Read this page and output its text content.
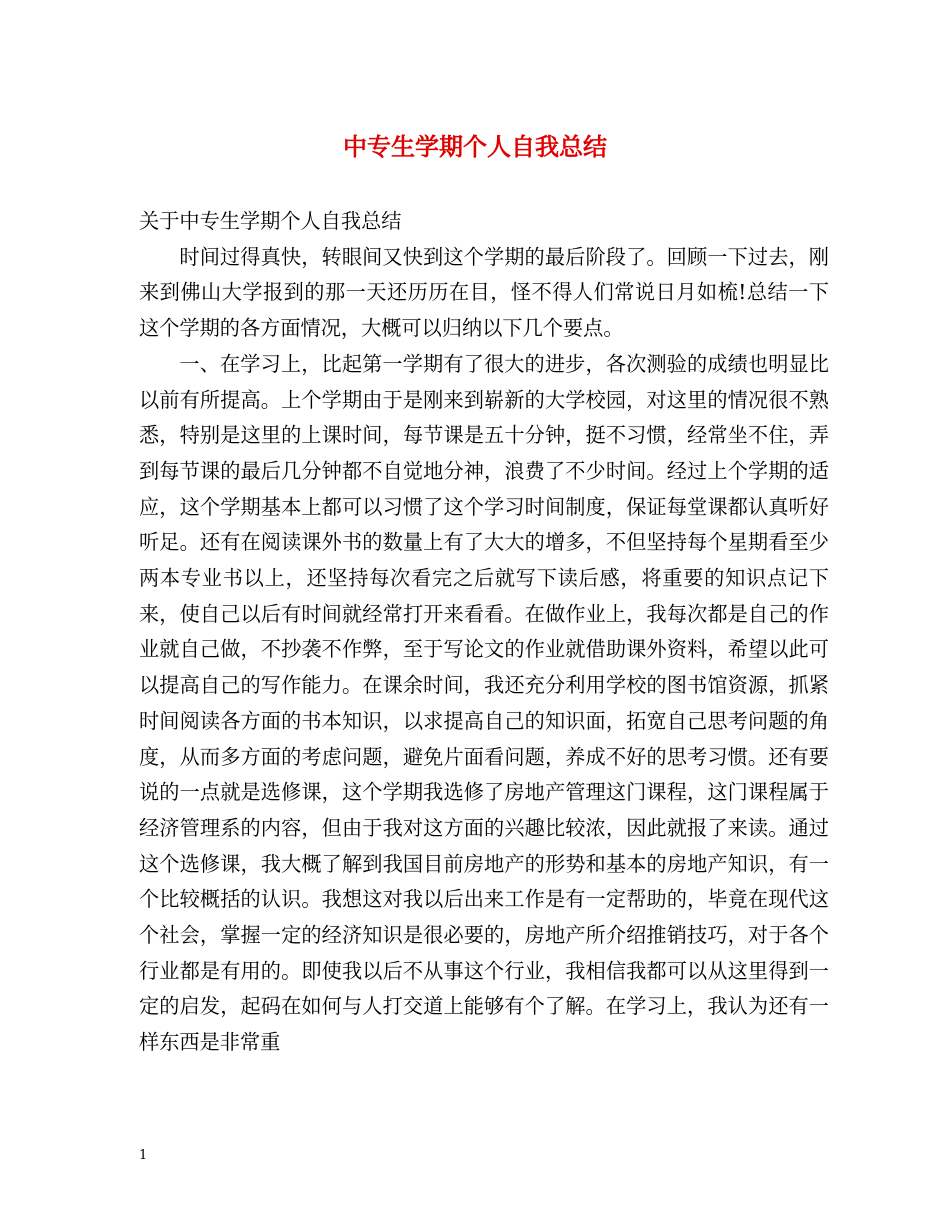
中专生学期个人自我总结

关于中专生学期个人自我总结

时间过得真快，转眼间又快到这个学期的最后阶段了。回顾一下过去，刚来到佛山大学报到的那一天还历历在目，怪不得人们常说日月如梳!总结一下这个学期的各方面情况，大概可以归纳以下几个要点。

一、在学习上，比起第一学期有了很大的进步，各次测验的成绩也明显比以前有所提高。上个学期由于是刚来到崭新的大学校园，对这里的情况很不熟悉，特别是这里的上课时间，每节课是五十分钟，挺不习惯，经常坐不住，弄到每节课的最后几分钟都不自觉地分神，浪费了不少时间。经过上个学期的适应，这个学期基本上都可以习惯了这个学习时间制度，保证每堂课都认真听好听足。还有在阅读课外书的数量上有了大大的增多，不但坚持每个星期看至少两本专业书以上，还坚持每次看完之后就写下读后感，将重要的知识点记下来，使自己以后有时间就经常打开来看看。在做作业上，我每次都是自己的作业就自己做，不抄袭不作弊，至于写论文的作业就借助课外资料，希望以此可以提高自己的写作能力。在课余时间，我还充分利用学校的图书馆资源，抓紧时间阅读各方面的书本知识，以求提高自己的知识面，拓宽自己思考问题的角度，从而多方面的考虑问题，避免片面看问题，养成不好的思考习惯。还有要说的一点就是选修课，这个学期我选修了房地产管理这门课程，这门课程属于经济管理系的内容，但由于我对这方面的兴趣比较浓，因此就报了来读。通过这个选修课，我大概了解到我国目前房地产的形势和基本的房地产知识，有一个比较概括的认识。我想这对我以后出来工作是有一定帮助的，毕竟在现代这个社会，掌握一定的经济知识是很必要的，房地产所介绍推销技巧，对于各个行业都是有用的。即使我以后不从事这个行业，我相信我都可以从这里得到一定的启发，起码在如何与人打交道上能够有个了解。在学习上，我认为还有一样东西是非常重

1
